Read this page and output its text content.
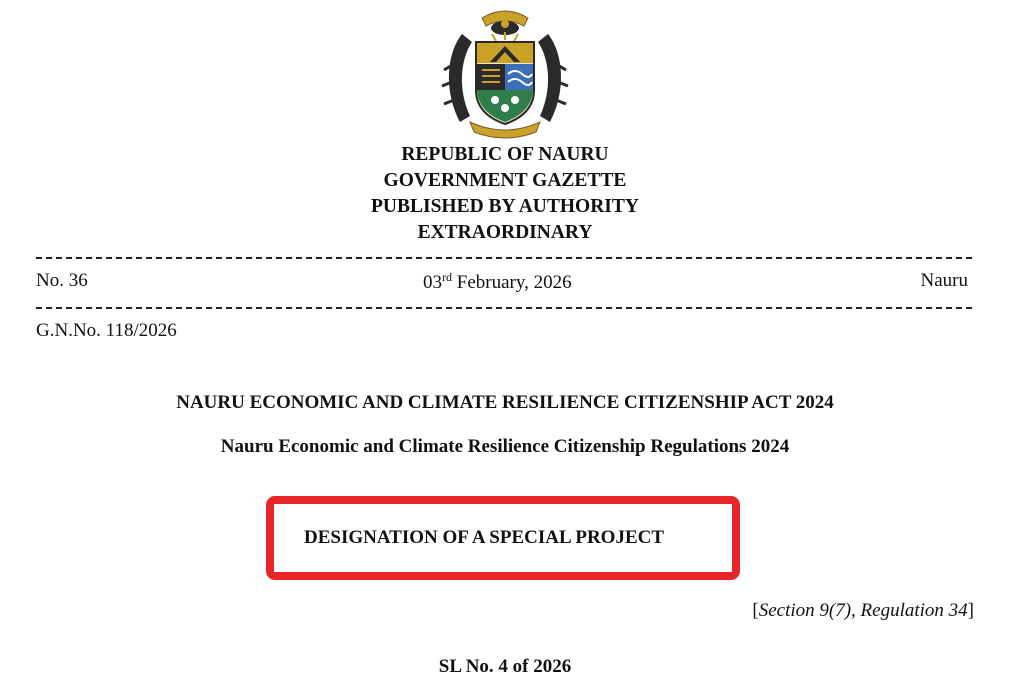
REPUBLIC OF NAURU
GOVERNMENT GAZETTE
PUBLISHED BY AUTHORITY
EXTRAORDINARY
No. 36	03rd February, 2026	Nauru
G.N.No. 118/2026
NAURU ECONOMIC AND CLIMATE RESILIENCE CITIZENSHIP ACT 2024
Nauru Economic and Climate Resilience Citizenship Regulations 2024
DESIGNATION OF A SPECIAL PROJECT
[Section 9(7), Regulation 34]
SL No. 4 of 2026
